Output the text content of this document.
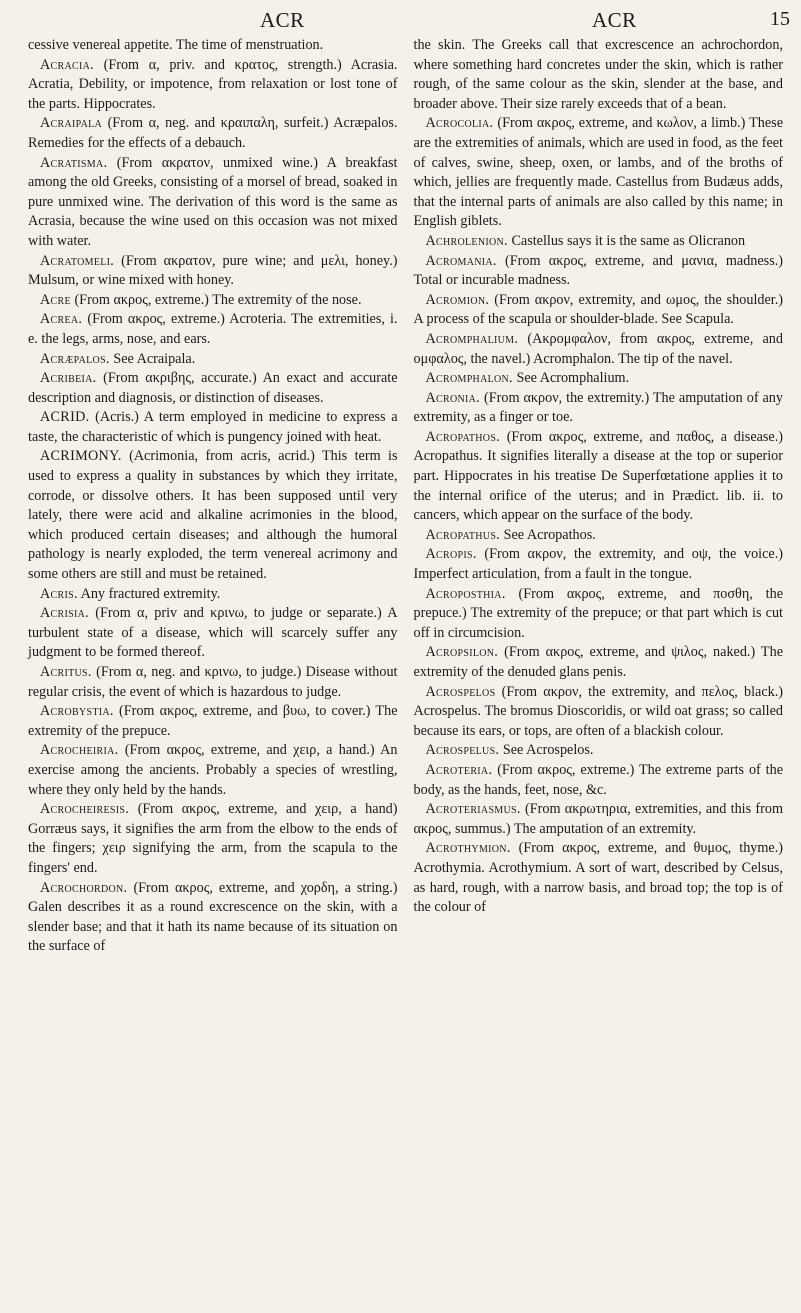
ACR	ACR	15

cessive venereal appetite. The time of menstruation.

Acracia. (From α, priv. and κρατος, strength.) Acrasia. Acratia, Debility, or impotence, from relaxation or lost tone of the parts. Hippocrates.

Acraipala (From α, neg. and κραιπαλη, surfeit.) Acræpalos. Remedies for the effects of a debauch.

Acratisma. (From ακρατον, unmixed wine.) A breakfast among the old Greeks, consisting of a morsel of bread, soaked in pure unmixed wine. The derivation of this word is the same as Acrasia, because the wine used on this occasion was not mixed with water.

Acratomeli. (From ακρατον, pure wine; and μελι, honey.) Mulsum, or wine mixed with honey.

Acre (From ακρος, extreme.) The extremity of the nose.

Acrea. (From ακρος, extreme.) Acroteria. The extremities, i. e. the legs, arms, nose, and ears.

Acræpalos. See Acraipala.

Acribeia. (From ακριβης, accurate.) An exact and accurate description and diagnosis, or distinction of diseases.

ACRID. (Acris.) A term employed in medicine to express a taste, the characteristic of which is pungency joined with heat.

ACRIMONY. (Acrimonia, from acris, acrid.) This term is used to express a quality in substances by which they irritate, corrode, or dissolve others. It has been supposed until very lately, there were acid and alkaline acrimonies in the blood, which produced certain diseases; and although the humoral pathology is nearly exploded, the term venereal acrimony and some others are still and must be retained.

Acris. Any fractured extremity.

Acrisia. (From α, priv and κρινω, to judge or separate.) A turbulent state of a disease, which will scarcely suffer any judgment to be formed thereof.

Acritus. (From α, neg. and κρινω, to judge.) Disease without regular crisis, the event of which is hazardous to judge.

Acrobystia. (From ακρος, extreme, and βυω, to cover.) The extremity of the prepuce.

Acrocheiria. (From ακρος, extreme, and χειρ, a hand.) An exercise among the ancients. Probably a species of wrestling, where they only held by the hands.

Acrocheiresis. (From ακρος, extreme, and χειρ, a hand) Gorræus says, it signifies the arm from the elbow to the ends of the fingers; χειρ signifying the arm, from the scapula to the fingers' end.

Acrochordon. (From ακρος, extreme, and χορδη, a string.) Galen describes it as a round excrescence on the skin, with a slender base; and that it hath its name because of its situation on the surface of

the skin. The Greeks call that excrescence an achrochordon, where something hard concretes under the skin, which is rather rough, of the same colour as the skin, slender at the base, and broader above. Their size rarely exceeds that of a bean.

Acrocolia. (From ακρος, extreme, and κωλον, a limb.) These are the extremities of animals, which are used in food, as the feet of calves, swine, sheep, oxen, or lambs, and of the broths of which, jellies are frequently made. Castellus from Budæus adds, that the internal parts of animals are also called by this name; in English giblets.

Achrolenion. Castellus says it is the same as Olicranon

Acromania. (From ακρος, extreme, and μανια, madness.) Total or incurable madness.

Acromion. (From ακρον, extremity, and ωμος, the shoulder.) A process of the scapula or shoulder-blade. See Scapula.

Acromphalium. (Ακρομφαλον, from ακρος, extreme, and ομφαλος, the navel.) Acromphalon. The tip of the navel.

Acromphalon. See Acromphalium.

Acronia. (From ακρον, the extremity.) The amputation of any extremity, as a finger or toe.

Acropathos. (From ακρος, extreme, and παθος, a disease.) Acropathus. It signifies literally a disease at the top or superior part. Hippocrates in his treatise De Superfœtatione applies it to the internal orifice of the uterus; and in Prædict. lib. ii. to cancers, which appear on the surface of the body.

Acropathus. See Acropathos.

Acropis. (From ακρον, the extremity, and οψ, the voice.) Imperfect articulation, from a fault in the tongue.

Acroposthia. (From ακρος, extreme, and ποσθη, the prepuce.) The extremity of the prepuce; or that part which is cut off in circumcision.

Acropsilon. (From ακρος, extreme, and ψιλος, naked.) The extremity of the denuded glans penis.

Acrospelos (From ακρον, the extremity, and πελος, black.) Acrospelus. The bromus Dioscoridis, or wild oat grass; so called because its ears, or tops, are often of a blackish colour.

Acrospelus. See Acrospelos.

Acroteria. (From ακρος, extreme.) The extreme parts of the body, as the hands, feet, nose, &c.

Acroteriasmus. (From ακρωτηρια, extremities, and this from ακρος, summus.) The amputation of an extremity.

Acrothymion. (From ακρος, extreme, and θυμος, thyme.) Acrothymia. Acrothymium. A sort of wart, described by Celsus, as hard, rough, with a narrow basis, and broad top; the top is of the colour of
